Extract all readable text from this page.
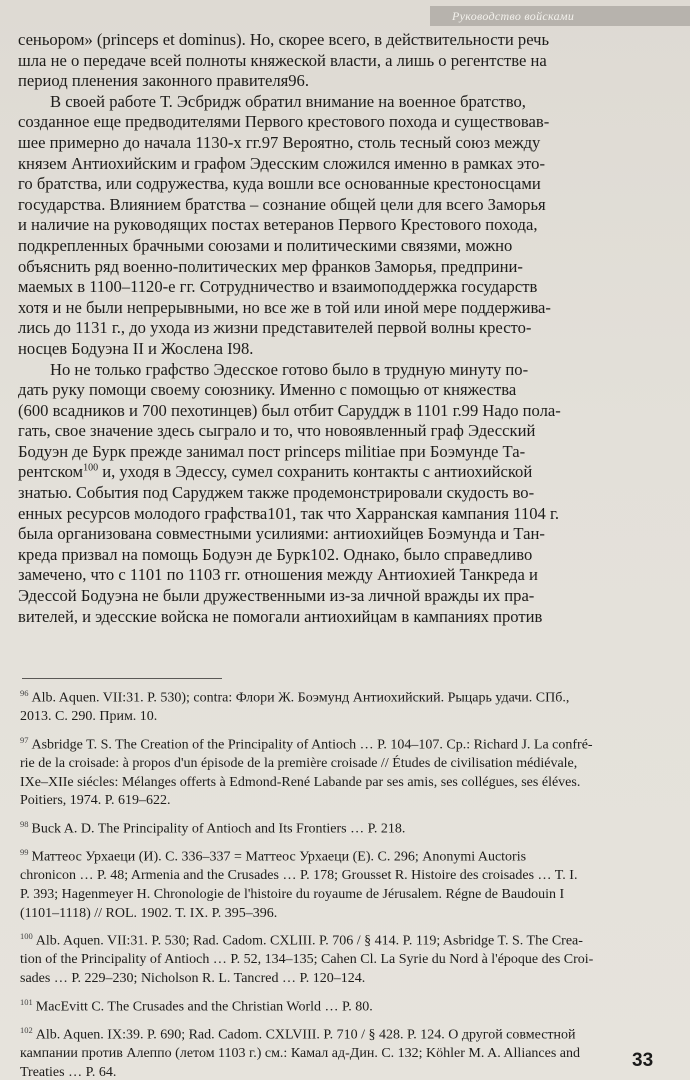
Руководство войсками

сеньором» (princeps et dominus). Но, скорее всего, в действительности речь
шла не о передаче всей полноты княжеской власти, а лишь о регентстве на
период пленения законного правителя96.

В своей работе Т. Эсбридж обратил внимание на военное братство,
созданное еще предводителями Первого крестового похода и существовав-
шее примерно до начала 1130-х гг.97 Вероятно, столь тесный союз между
князем Антиохийским и графом Эдесским сложился именно в рамках это-
го братства, или содружества, куда вошли все основанные крестоносцами
государства. Влиянием братства – сознание общей цели для всего Заморья
и наличие на руководящих постах ветеранов Первого Крестового похода,
подкрепленных брачными союзами и политическими связями, можно
объяснить ряд военно-политических мер франков Заморья, предприни-
маемых в 1100–1120-е гг. Сотрудничество и взаимоподдержка государств
хотя и не были непрерывными, но все же в той или иной мере поддержива-
лись до 1131 г., до ухода из жизни представителей первой волны кресто-
носцев Бодуэна II и Жослена I98.

Но не только графство Эдесское готово было в трудную минуту по-
дать руку помощи своему союзнику. Именно с помощью от княжества
(600 всадников и 700 пехотинцев) был отбит Саруддж в 1101 г.99 Надо пола-
гать, свое значение здесь сыграло и то, что новоявленный граф Эдесский
Бодуэн де Бурк прежде занимал пост princeps militiae при Боэмунде Та-
рентском$^{100}$ и, уходя в Эдессу, сумел сохранить контакты с антиохийской
знатью. События под Саруджем также продемонстрировали скудость во-
енных ресурсов молодого графства101, так что Харранская кампания 1104 г.
была организована совместными усилиями: антиохийцев Боэмунда и Тан-
креда призвал на помощь Бодуэн де Бурк102. Однако, было справедливо
замечено, что с 1101 по 1103 гг. отношения между Антиохией Танкреда и
Эдессой Бодуэна не были дружественными из-за личной вражды их пра-
вителей, и эдесские войска не помогали антиохийцам в кампаниях против

$^{96}$ Alb. Aquen. VII:31. P. 530); contra: Флори Ж. Боэмунд Антиохийский. Рыцарь удачи. СПб.,
2013. С. 290. Прим. 10.
$^{97}$ Asbridge T. S. The Creation of the Principality of Antioch … P. 104–107. Ср.: Richard J. La confré-
rie de la croisade: à propos d'un épisode de la première croisade // Études de civilisation médiévale,
IXe–XIIe siécles: Mélanges offerts à Edmond-René Labande par ses amis, ses collégues, ses éléves.
Poitiers, 1974. P. 619–622.
$^{98}$ Buck A. D. The Principality of Antioch and Its Frontiers … P. 218.
$^{99}$ Маттеос Урхаеци (И). С. 336–337 = Маттеос Урхаеци (Е). С. 296; Anonymi Auctoris
chronicon … P. 48; Armenia and the Crusades … P. 178; Grousset R. Histoire des croisades … T. I.
P. 393; Hagenmeyer H. Chronologie de l'histoire du royaume de Jérusalem. Régne de Baudouin I
(1101–1118) // ROL. 1902. T. IX. P. 395–396.
$^{100}$ Alb. Aquen. VII:31. P. 530; Rad. Cadom. CXLIII. P. 706 / § 414. P. 119; Asbridge T. S. The Crea-
tion of the Principality of Antioch … P. 52, 134–135; Cahen Cl. La Syrie du Nord à l'époque des Croi-
sades … P. 229–230; Nicholson R. L. Tancred … P. 120–124.
$^{101}$ MacEvitt C. The Crusades and the Christian World … P. 80.
$^{102}$ Alb. Aquen. IX:39. P. 690; Rad. Cadom. CXLVIII. P. 710 / § 428. P. 124. О другой совместной
кампании против Алеппо (летом 1103 г.) см.: Камал ад-Дин. С. 132; Köhler M. A. Alliances and
Treaties … P. 64.
33
